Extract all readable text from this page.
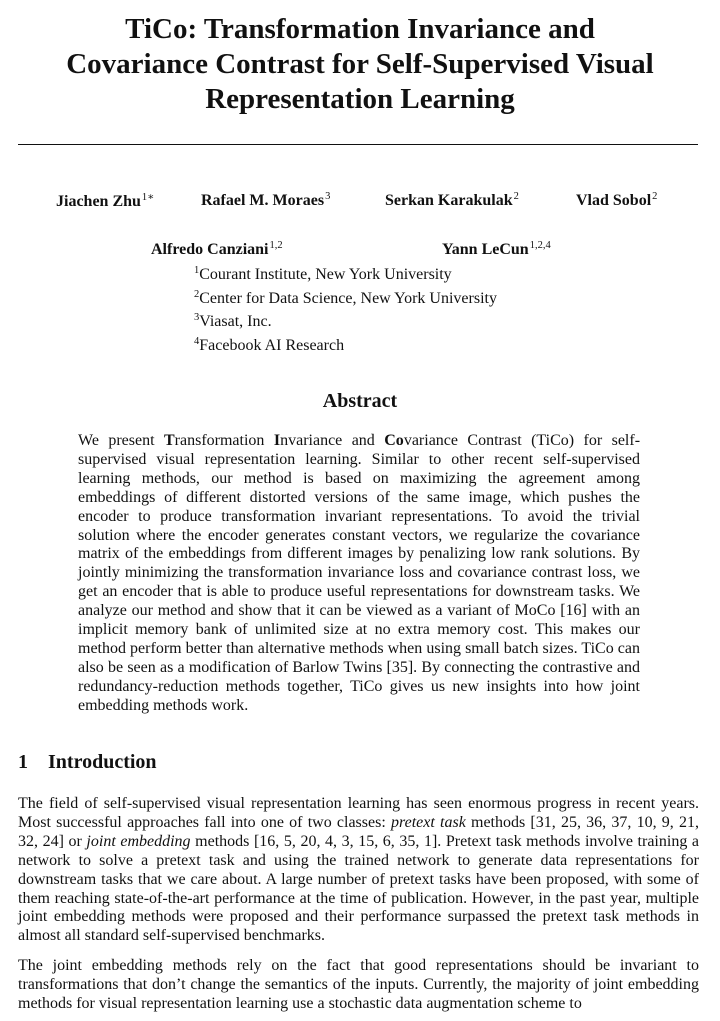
TiCo: Transformation Invariance and
Covariance Contrast for Self-Supervised Visual
Representation Learning
Jiachen Zhu$^{1∗}$	Rafael M. Moraes$^3$	Serkan Karakulak$^2$	Vlad Sobol$^2$
Alfredo Canziani$^{1,2}$	Yann LeCun$^{1,2,4}$
$^1$Courant Institute, New York University
$^2$Center for Data Science, New York University
$^3$Viasat, Inc.
$^4$Facebook AI Research
Abstract
We present Transformation Invariance and Covariance Contrast (TiCo) for self-supervised visual representation learning. Similar to other recent self-supervised learning methods, our method is based on maximizing the agreement among embeddings of different distorted versions of the same image, which pushes the encoder to produce transformation invariant representations. To avoid the trivial solution where the encoder generates constant vectors, we regularize the covariance matrix of the embeddings from different images by penalizing low rank solutions. By jointly minimizing the transformation invariance loss and covariance contrast loss, we get an encoder that is able to produce useful representations for downstream tasks. We analyze our method and show that it can be viewed as a variant of MoCo [16] with an implicit memory bank of unlimited size at no extra memory cost. This makes our method perform better than alternative methods when using small batch sizes. TiCo can also be seen as a modification of Barlow Twins [35]. By connecting the contrastive and redundancy-reduction methods together, TiCo gives us new insights into how joint embedding methods work.
1 Introduction
The field of self-supervised visual representation learning has seen enormous progress in recent years. Most successful approaches fall into one of two classes: pretext task methods [31, 25, 36, 37, 10, 9, 21, 32, 24] or joint embedding methods [16, 5, 20, 4, 3, 15, 6, 35, 1]. Pretext task methods involve training a network to solve a pretext task and using the trained network to generate data representations for downstream tasks that we care about. A large number of pretext tasks have been proposed, with some of them reaching state-of-the-art performance at the time of publication. However, in the past year, multiple joint embedding methods were proposed and their performance surpassed the pretext task methods in almost all standard self-supervised benchmarks.
The joint embedding methods rely on the fact that good representations should be invariant to transformations that don’t change the semantics of the inputs. Currently, the majority of joint embedding methods for visual representation learning use a stochastic data augmentation scheme to
